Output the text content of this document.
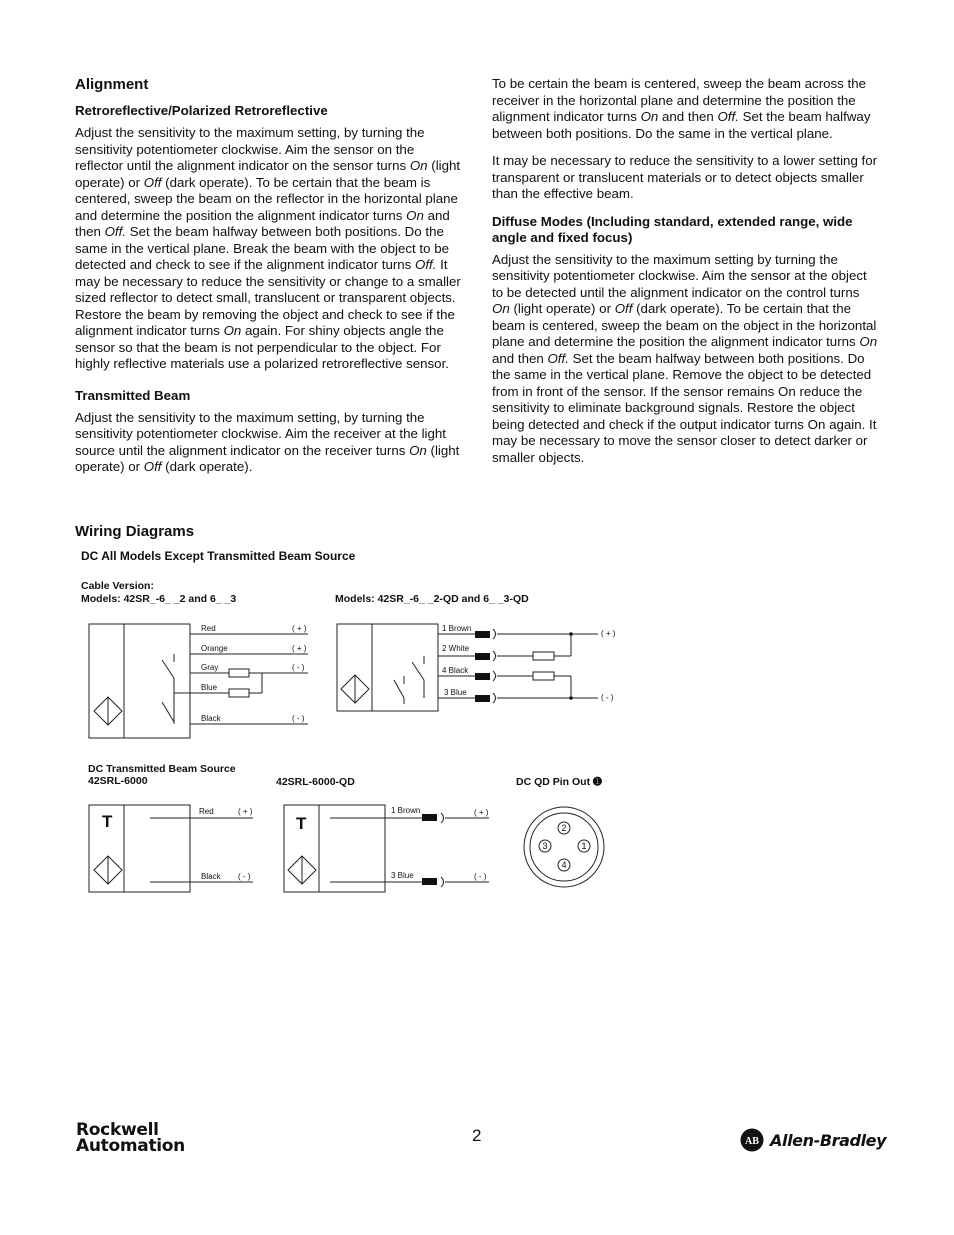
Alignment
Retroreflective/Polarized Retroreflective

Adjust the sensitivity to the maximum setting, by turning the sensitivity potentiometer clockwise. Aim the sensor on the reflector until the alignment indicator on the sensor turns On (light operate) or Off (dark operate). To be certain that the beam is centered, sweep the beam on the reflector in the horizontal plane and determine the position the alignment indicator turns On and then Off. Set the beam halfway between both positions. Do the same in the vertical plane. Break the beam with the object to be detected and check to see if the alignment indicator turns Off. It may be necessary to reduce the sensitivity or change to a smaller sized reflector to detect small, translucent or transparent objects. Restore the beam by removing the object and check to see if the alignment indicator turns On again. For shiny objects angle the sensor so that the beam is not perpendicular to the object. For highly reflective materials use a polarized retroreflective sensor.

Transmitted Beam

Adjust the sensitivity to the maximum setting, by turning the sensitivity potentiometer clockwise. Aim the receiver at the light source until the alignment indicator on the receiver turns On (light operate) or Off (dark operate).

To be certain the beam is centered, sweep the beam across the receiver in the horizontal plane and determine the position the alignment indicator turns On and then Off. Set the beam halfway between both positions. Do the same in the vertical plane.

It may be necessary to reduce the sensitivity to a lower setting for transparent or translucent materials or to detect objects smaller than the effective beam.

Diffuse Modes (Including standard, extended range, wide angle and fixed focus)

Adjust the sensitivity to the maximum setting by turning the sensitivity potentiometer clockwise. Aim the sensor at the object to be detected until the alignment indicator on the control turns On (light operate) or Off (dark operate). To be certain that the beam is centered, sweep the beam on the object in the horizontal plane and determine the position the alignment indicator turns On and then Off. Set the beam halfway between both positions. Do the same in the vertical plane. Remove the object to be detected from in front of the sensor. If the sensor remains On reduce the sensitivity to eliminate background signals. Restore the object being detected and check if the output indicator turns On again. It may be necessary to move the sensor closer to detect darker or smaller objects.

Wiring Diagrams
DC All Models Except Transmitted Beam Source
Cable Version:
Models: 42SR_-6_ _2 and 6_ _3	Models: 42SR_-6_ _2-QD and 6_ _3-QD
DC Transmitted Beam Source
42SRL-6000	42SRL-6000-QD	DC QD Pin Out ➊
Red
Orange
Gray
Blue
Black
( + )
( + )
( - )
( - )
1 Brown
2 White
4 Black
3 Blue
( + )
( - )
T
Red
Black
( + )
( - )
T
1 Brown
3 Blue
( + )
( - )
2
1
3
4
Rockwell
Automation
2	AB Allen-Bradley
